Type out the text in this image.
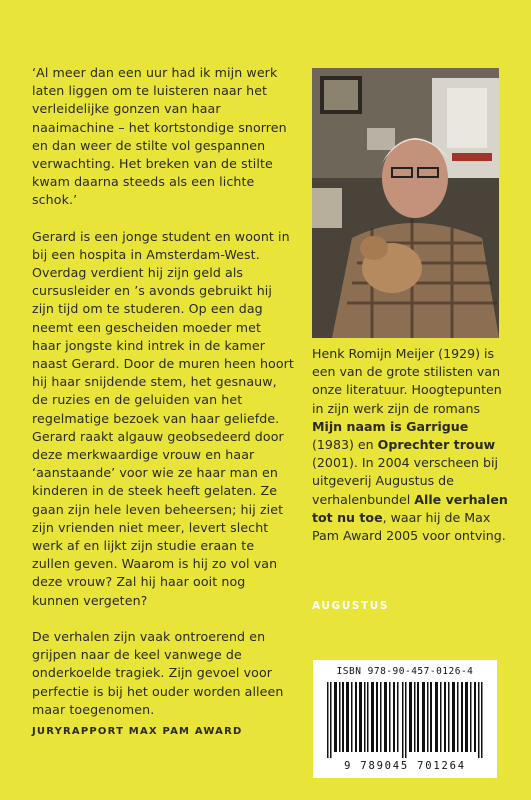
‘Al meer dan een uur had ik mijn werk laten liggen om te luisteren naar het verleidelijke gonzen van haar naaimachine – het kortstondige snorren en dan weer de stilte vol gespannen verwachting. Het breken van de stilte kwam daarna steeds als een lichte schok.’

Gerard is een jonge student en woont in bij een hospita in Amsterdam-West. Overdag verdient hij zijn geld als cursusleider en ’s avonds gebruikt hij zijn tijd om te studeren. Op een dag neemt een gescheiden moeder met haar jongste kind intrek in de kamer naast Gerard. Door de muren heen hoort hij haar snijdende stem, het gesnauw, de ruzies en de geluiden van het regelmatige bezoek van haar geliefde. Gerard raakt algauw geobsedeerd door deze merkwaardige vrouw en haar ‘aanstaande’ voor wie ze haar man en kinderen in de steek heeft gelaten. Ze gaan zijn hele leven beheersen; hij ziet zijn vrienden niet meer, levert slecht werk af en lijkt zijn studie eraan te zullen geven. Waarom is hij zo vol van deze vrouw? Zal hij haar ooit nog kunnen vergeten?

De verhalen zijn vaak ontroerend en grijpen naar de keel vanwege de onderkoelde tragiek. Zijn gevoel voor perfectie is bij het ouder worden alleen maar toegenomen.

JURYRAPPORT MAX PAM AWARD

Henk Romijn Meijer (1929) is een van de grote stilisten van onze literatuur. Hoogtepunten in zijn werk zijn de romans Mijn naam is Garrigue (1983) en Oprechter trouw (2001). In 2004 verscheen bij uitgeverij Augustus de verhalenbundel Alle verhalen tot nu toe, waar hij de Max Pam Award 2005 voor ontving.

AUGUSTUS
ISBN 978-90-457-0126-4
9 789045 701264
